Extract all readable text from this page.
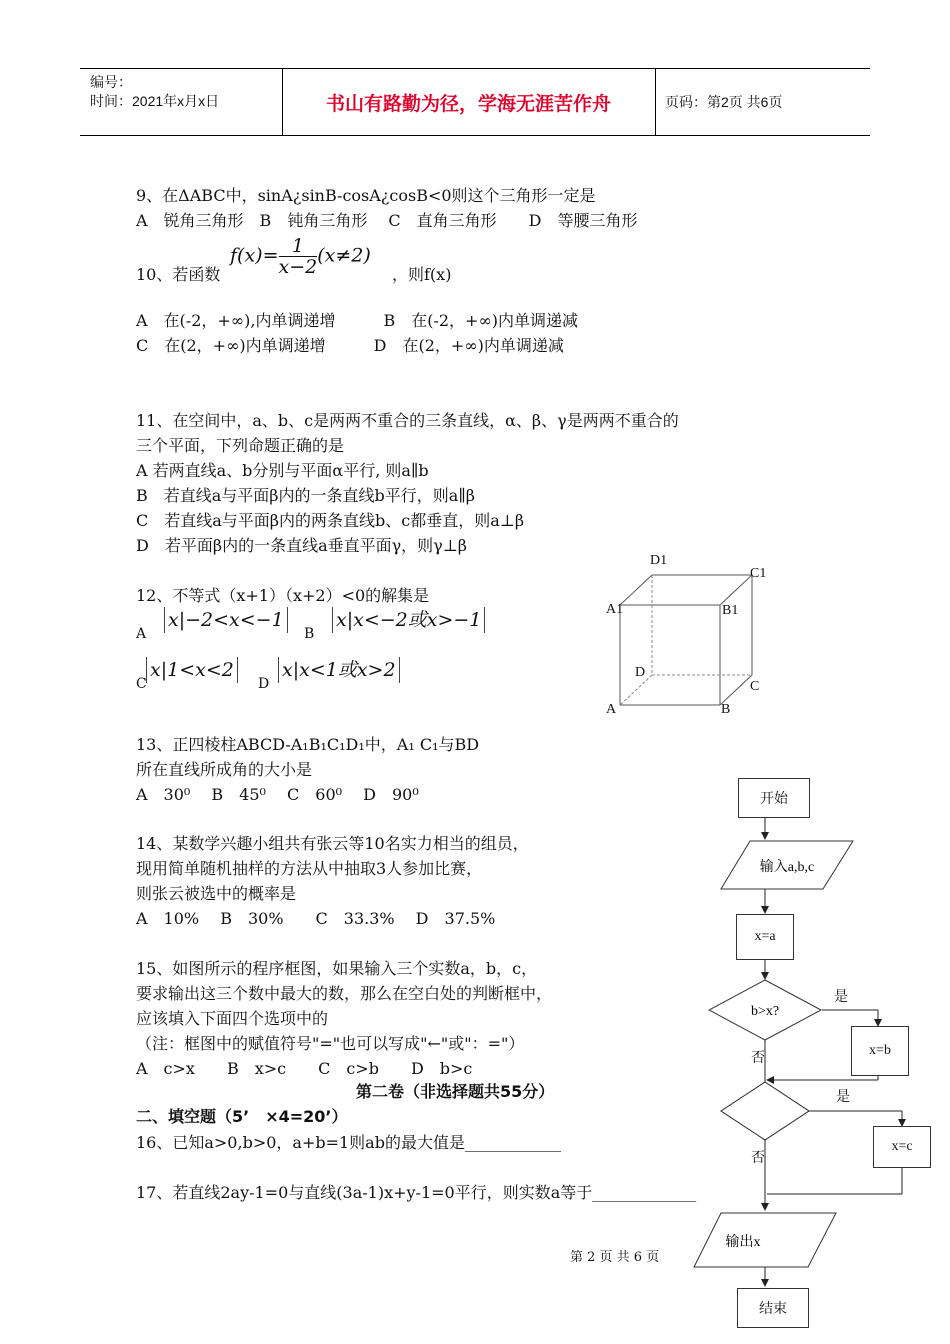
编号：
时间：2021年x月x日	书山有路勤为径，学海无涯苦作舟	页码：第2页 共6页
9、在ΔABC中，sinA¿sinB-cosA¿cosB<0则这个三角形一定是
A　锐角三角形　B　钝角三角形　 C　直角三角形　　D　等腰三角形
10、若函数
$f(x)= \frac{1}{x-2} (x\ne 2)$
，则f(x)
A　在(-2，+∞),内单调递增　　　B　在(-2，+∞)内单调递减
C　在(2，+∞)内单调递增　　　D　在(2，+∞)内单调递减
11、在空间中，a、b、c是两两不重合的三条直线，α、β、γ是两两不重合的
三个平面，下列命题正确的是
A 若两直线a、b分别与平面α平行, 则a∥b
B　若直线a与平面β内的一条直线b平行，则a∥β
C　若直线a与平面β内的两条直线b、c都垂直，则a⊥β
D　若平面β内的一条直线a垂直平面γ，则γ⊥β
12、不等式（x+1）（x+2）<0的解集是
A
x|−2<x<−1
B
x|x<−2或x>−1
C
x|1<x<2
D
x|x<1或x>2
D1
C1
A1	B1
D
C
A	B
13、正四棱柱ABCD-A₁B₁C₁D₁中，A₁ C₁与BD
所在直线所成角的大小是
A　30⁰　 B　45⁰　 C　60⁰　 D　90⁰
14、某数学兴趣小组共有张云等10名实力相当的组员，
现用简单随机抽样的方法从中抽取3人参加比赛，
则张云被选中的概率是
A　10%　 B　30%　　C　33.3%　 D　37.5%
15、如图所示的程序框图，如果输入三个实数a，b，c，
要求输出这三个数中最大的数，那么在空白处的判断框中，
应该填入下面四个选项中的
（注：框图中的赋值符号"="也可以写成"←"或"：="）
A　c>x　　B　x>c　　C　c>b　　D　b>c
第二卷（非选择题共55分）
二、填空题（5’　×4=20’）
16、已知a>0,b>0，a+b=1则ab的最大值是____________
17、若直线2ay-1=0与直线(3a-1)x+y-1=0平行，则实数a等于_____________
开始
输入a,b,c
x=a
b>x?
是
否
x=b
是
否
x=c
输出x
结束
第 2 页 共 6 页
